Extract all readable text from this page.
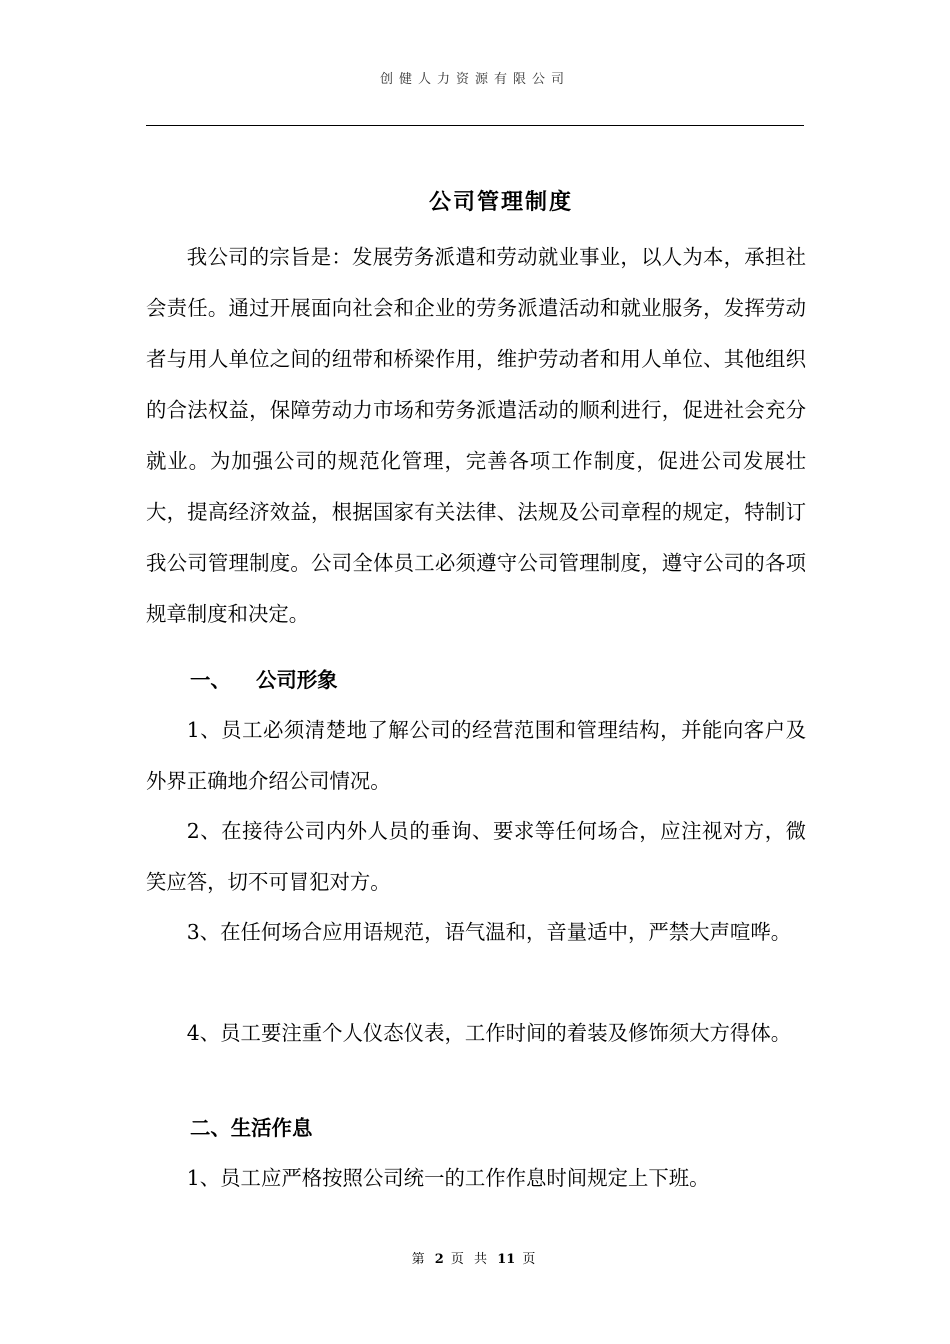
创健人力资源有限公司
公司管理制度

我公司的宗旨是：发展劳务派遣和劳动就业事业，以人为本，承担社会责任。通过开展面向社会和企业的劳务派遣活动和就业服务，发挥劳动者与用人单位之间的纽带和桥梁作用，维护劳动者和用人单位、其他组织的合法权益，保障劳动力市场和劳务派遣活动的顺利进行，促进社会充分就业。为加强公司的规范化管理，完善各项工作制度，促进公司发展壮大，提高经济效益，根据国家有关法律、法规及公司章程的规定，特制订我公司管理制度。公司全体员工必须遵守公司管理制度，遵守公司的各项规章制度和决定。

一、 公司形象

1、员工必须清楚地了解公司的经营范围和管理结构，并能向客户及外界正确地介绍公司情况。

2、在接待公司内外人员的垂询、要求等任何场合，应注视对方，微笑应答，切不可冒犯对方。

3、在任何场合应用语规范，语气温和，音量适中，严禁大声喧哗。

4、员工要注重个人仪态仪表，工作时间的着装及修饰须大方得体。

二、生活作息

1、员工应严格按照公司统一的工作作息时间规定上下班。

第 2 页 共 11 页
